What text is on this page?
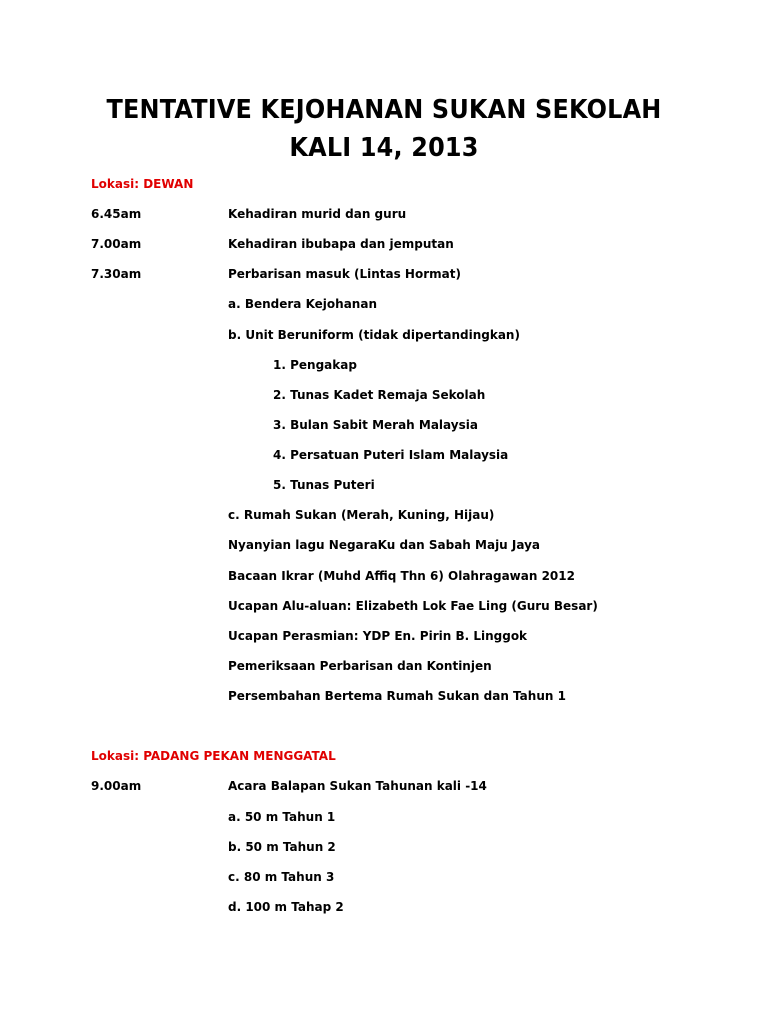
TENTATIVE KEJOHANAN SUKAN SEKOLAH
KALI 14, 2013
Lokasi: DEWAN
6.45am	Kehadiran murid dan guru
7.00am	Kehadiran ibubapa dan jemputan
7.30am	Perbarisan masuk (Lintas Hormat)
a. Bendera Kejohanan
b. Unit Beruniform (tidak dipertandingkan)
1. Pengakap
2. Tunas Kadet Remaja Sekolah
3. Bulan Sabit Merah Malaysia
4. Persatuan Puteri Islam Malaysia
5. Tunas Puteri
c. Rumah Sukan (Merah, Kuning, Hijau)
Nyanyian lagu NegaraKu dan Sabah Maju Jaya
Bacaan Ikrar (Muhd Affiq Thn 6) Olahragawan 2012
Ucapan Alu-aluan: Elizabeth Lok Fae Ling (Guru Besar)
Ucapan Perasmian: YDP En. Pirin B. Linggok
Pemeriksaan Perbarisan dan Kontinjen
Persembahan Bertema Rumah Sukan dan Tahun 1
Lokasi: PADANG PEKAN MENGGATAL
9.00am	Acara Balapan Sukan Tahunan kali -14
a. 50 m Tahun 1
b. 50 m Tahun 2
c. 80 m Tahun 3
d. 100 m Tahap 2
